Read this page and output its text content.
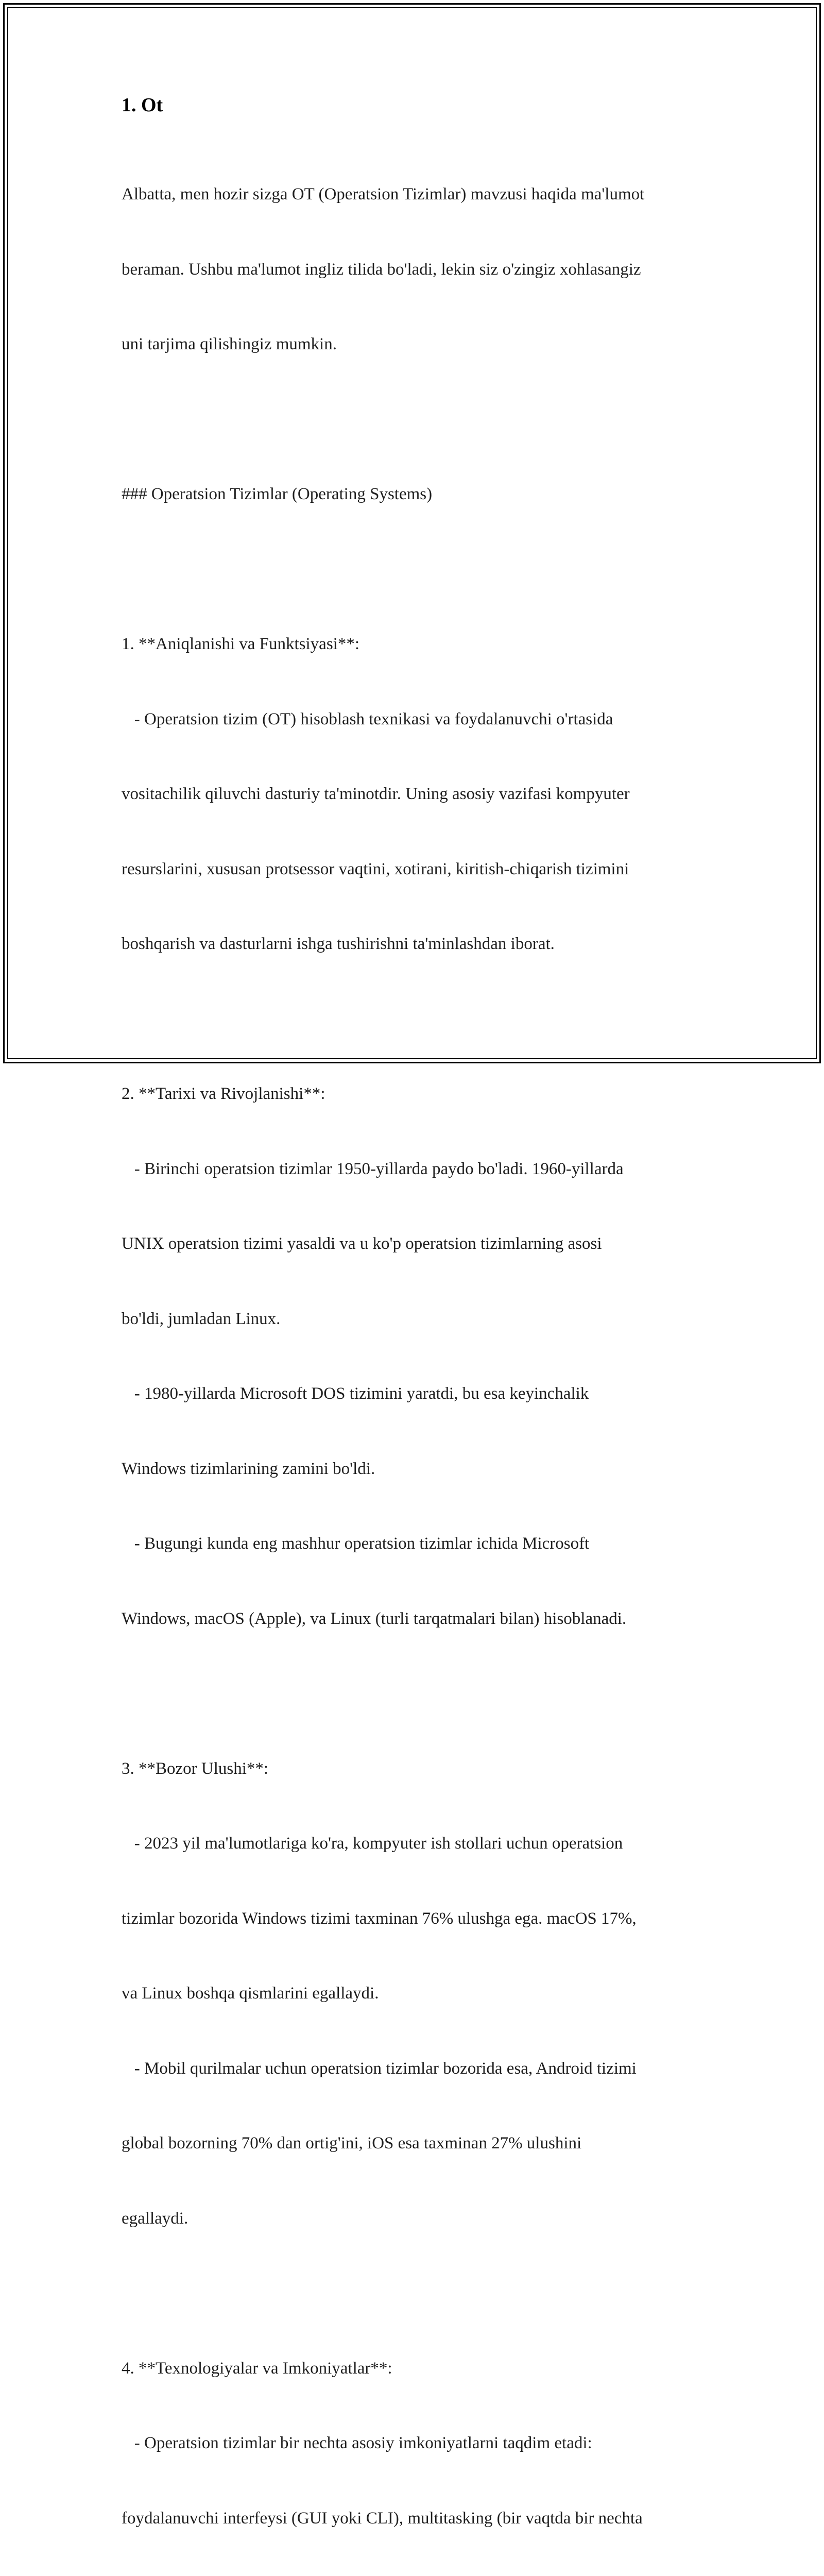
1. Ot

Albatta, men hozir sizga OT (Operatsion Tizimlar) mavzusi haqida ma'lumot

beraman. Ushbu ma'lumot ingliz tilida bo'ladi, lekin siz o'zingiz xohlasangiz

uni tarjima qilishingiz mumkin.

### Operatsion Tizimlar (Operating Systems)

1. **Aniqlanishi va Funktsiyasi**:

- Operatsion tizim (OT) hisoblash texnikasi va foydalanuvchi o'rtasida

vositachilik qiluvchi dasturiy ta'minotdir. Uning asosiy vazifasi kompyuter

resurslarini, xususan protsessor vaqtini, xotirani, kiritish-chiqarish tizimini

boshqarish va dasturlarni ishga tushirishni ta'minlashdan iborat.

2. **Tarixi va Rivojlanishi**:

- Birinchi operatsion tizimlar 1950-yillarda paydo bo'ladi. 1960-yillarda

UNIX operatsion tizimi yasaldi va u ko'p operatsion tizimlarning asosi

bo'ldi, jumladan Linux.

- 1980-yillarda Microsoft DOS tizimini yaratdi, bu esa keyinchalik

Windows tizimlarining zamini bo'ldi.

- Bugungi kunda eng mashhur operatsion tizimlar ichida Microsoft

Windows, macOS (Apple), va Linux (turli tarqatmalari bilan) hisoblanadi.

3. **Bozor Ulushi**:

- 2023 yil ma'lumotlariga ko'ra, kompyuter ish stollari uchun operatsion

tizimlar bozorida Windows tizimi taxminan 76% ulushga ega. macOS 17%,

va Linux boshqa qismlarini egallaydi.

- Mobil qurilmalar uchun operatsion tizimlar bozorida esa, Android tizimi

global bozorning 70% dan ortig'ini, iOS esa taxminan 27% ulushini

egallaydi.

4. **Texnologiyalar va Imkoniyatlar**:

- Operatsion tizimlar bir nechta asosiy imkoniyatlarni taqdim etadi:

foydalanuvchi interfeysi (GUI yoki CLI), multitasking (bir vaqtda bir nechta
